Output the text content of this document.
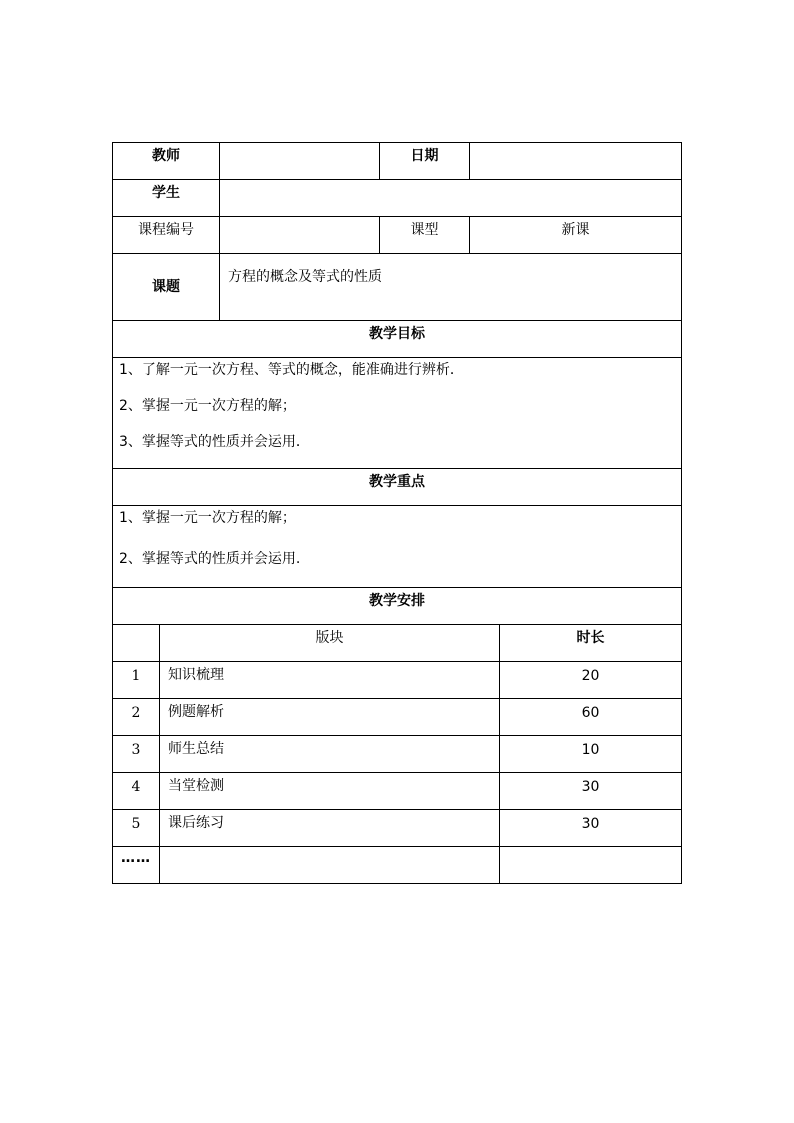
教师			日期		
学生					
课程编号			课型	新课	
课题		方程的概念及等式的性质			
教学目标					

1、了解一元一次方程、等式的概念，能准确进行辨析．

2、掌握一元一次方程的解；

3、掌握等式的性质并会运用．					

教学重点					

1、掌握一元一次方程的解；

2、掌握等式的性质并会运用.					

教学安排					
	版块				时长
1	知识梳理				20
2	例题解析				60
3	师生总结				10
4	当堂检测				30
5	课后练习				30
……					
